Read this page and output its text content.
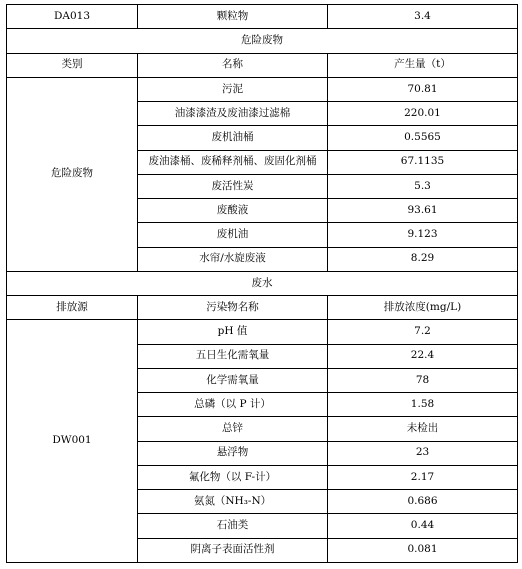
DA013	颗粒物	3.4
危险废物		
类别	名称	产生量（t）
危险废物	污泥	70.81
	油漆漆渣及废油漆过滤棉	220.01
	废机油桶	0.5565
	废油漆桶、废稀释剂桶、废固化剂桶	67.1135
	废活性炭	5.3
	废酸液	93.61
	废机油	9.123
	水帘/水旋废液	8.29
废水		
排放源	污染物名称	排放浓度(mg/L)
DW001	pH 值	7.2
	五日生化需氧量	22.4
	化学需氧量	78
	总磷（以 P 计）	1.58
	总锌	未检出
	悬浮物	23
	氟化物（以 F-计）	2.17
	氨氮（NH₃-N）	0.686
	石油类	0.44
	阴离子表面活性剂	0.081
